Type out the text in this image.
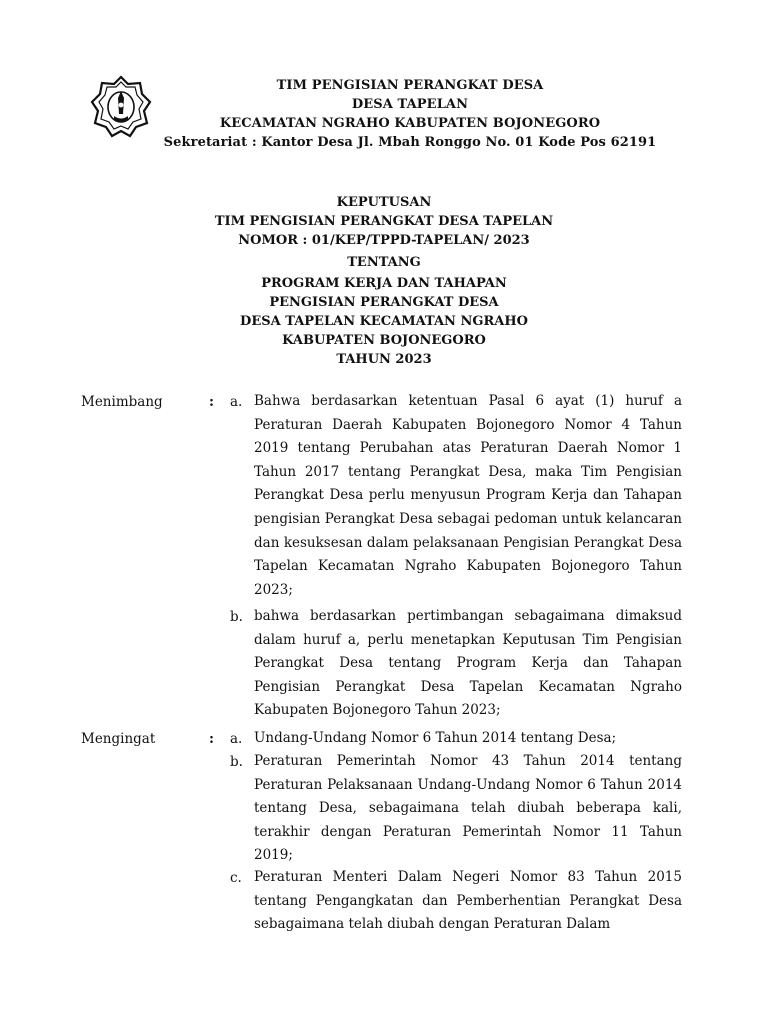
TIM PENGISIAN PERANGKAT DESA
DESA TAPELAN
KECAMATAN NGRAHO KABUPATEN BOJONEGORO
Sekretariat : Kantor Desa Jl. Mbah Ronggo No. 01 Kode Pos 62191
KEPUTUSAN
TIM PENGISIAN PERANGKAT DESA TAPELAN
NOMOR : 01/KEP/TPPD-TAPELAN/ 2023
TENTANG
PROGRAM KERJA DAN TAHAPAN
PENGISIAN PERANGKAT DESA
DESA TAPELAN KECAMATAN NGRAHO
KABUPATEN BOJONEGORO
TAHUN 2023
Menimbang	: a. Bahwa berdasarkan ketentuan Pasal 6 ayat (1) huruf a Peraturan Daerah Kabupaten Bojonegoro Nomor 4 Tahun 2019 tentang Perubahan atas Peraturan Daerah Nomor 1 Tahun 2017 tentang Perangkat Desa, maka Tim Pengisian Perangkat Desa perlu menyusun Program Kerja dan Tahapan pengisian Perangkat Desa sebagai pedoman untuk kelancaran dan kesuksesan dalam pelaksanaan Pengisian Perangkat Desa Tapelan Kecamatan Ngraho Kabupaten Bojonegoro Tahun 2023;
b. bahwa berdasarkan pertimbangan sebagaimana dimaksud dalam huruf a, perlu menetapkan Keputusan Tim Pengisian Perangkat Desa tentang Program Kerja dan Tahapan Pengisian Perangkat Desa Tapelan Kecamatan Ngraho Kabupaten Bojonegoro Tahun 2023;
Mengingat	: a. Undang-Undang Nomor 6 Tahun 2014 tentang Desa;
b. Peraturan Pemerintah Nomor 43 Tahun 2014 tentang Peraturan Pelaksanaan Undang-Undang Nomor 6 Tahun 2014 tentang Desa, sebagaimana telah diubah beberapa kali, terakhir dengan Peraturan Pemerintah Nomor 11 Tahun 2019;
c. Peraturan Menteri Dalam Negeri Nomor 83 Tahun 2015 tentang Pengangkatan dan Pemberhentian Perangkat Desa sebagaimana telah diubah dengan Peraturan Dalam
